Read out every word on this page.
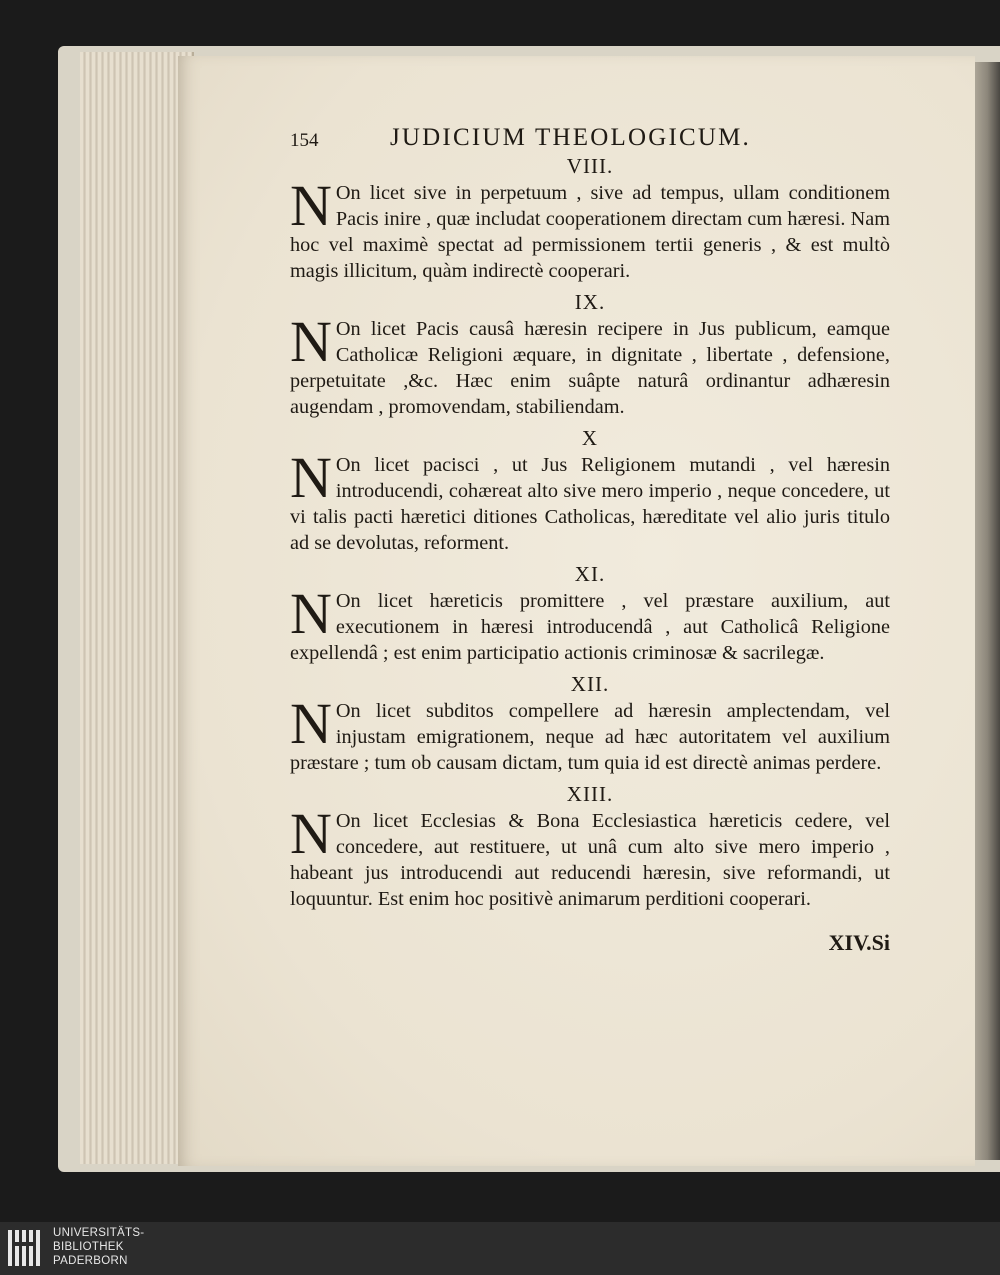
154	JUDICIUM THEOLOGICUM.
VIII.

N On licet sive in perpetuum , sive ad tempus, ullam conditionem Pacis inire , quæ includat cooperationem directam cum hæresi. Nam hoc vel maximè spectat ad permissionem tertii generis , & est multò magis illicitum, quàm indirectè cooperari.

IX.

N On licet Pacis causâ hæresin recipere in Jus publicum, eamque Catholicæ Religioni æquare, in dignitate , libertate , defensione, perpetuitate ,&c. Hæc enim suâpte naturâ ordinantur adhæresin augendam , promovendam, stabiliendam.

X

N On licet pacisci , ut Jus Religionem mutandi , vel hæresin introducendi, cohæreat alto sive mero imperio , neque concedere, ut vi talis pacti hæretici ditiones Catholicas, hæreditate vel alio juris titulo ad se devolutas, reforment.

XI.

N On licet hæreticis promittere , vel præstare auxilium, aut executionem in hæresi introducendâ , aut Catholicâ Religione expellendâ ; est enim participatio actionis criminosæ & sacrilegæ.

XII.

N On licet subditos compellere ad hæresin amplectendam, vel injustam emigrationem, neque ad hæc autoritatem vel auxilium præstare ; tum ob causam dictam, tum quia id est directè animas perdere.

XIII.

N On licet Ecclesias & Bona Ecclesiastica hæreticis cedere, vel concedere, aut restituere, ut unâ cum alto sive mero imperio , habeant jus introducendi aut reducendi hæresin, sive reformandi, ut loquuntur. Est enim hoc positivè animarum perditioni cooperari.

XIV.Si
UNIVERSITÄTS-
BIBLIOTHEK
PADERBORN
